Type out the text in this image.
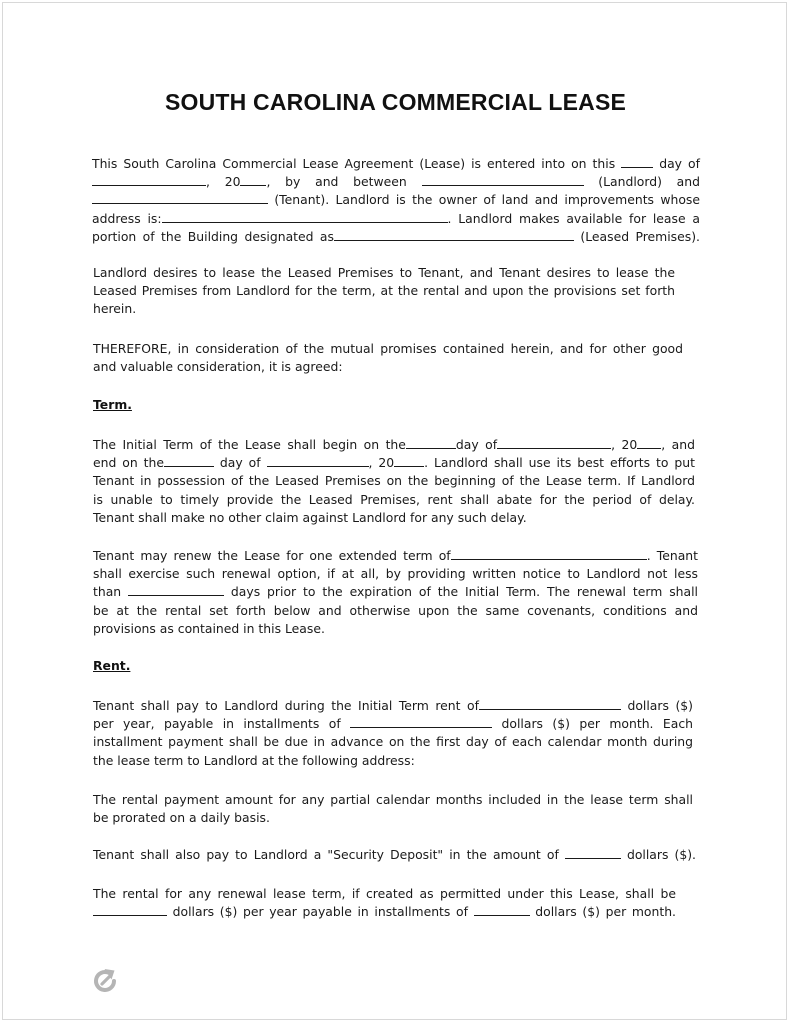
SOUTH CAROLINA COMMERCIAL LEASE
This South Carolina Commercial Lease Agreement (Lease) is entered into on this	day of
, 20 , by and between	(Landlord) and
(Tenant). Landlord is the owner of land and improvements whose
address is:	. Landlord makes available for lease a
portion of the Building designated as	(Leased Premises).
Landlord desires to lease the Leased Premises to Tenant, and Tenant desires to lease the
Leased Premises from Landlord for the term, at the rental and upon the provisions set forth
herein.
THEREFORE, in consideration of the mutual promises contained herein, and for other good
and valuable consideration, it is agreed:
Term.
The Initial Term of the Lease shall begin on the	day of	, 20 , and
end on the	day of	, 20 . Landlord shall use its best efforts to put
Tenant in possession of the Leased Premises on the beginning of the Lease term. If Landlord
is unable to timely provide the Leased Premises, rent shall abate for the period of delay.
Tenant shall make no other claim against Landlord for any such delay.
Tenant may renew the Lease for one extended term of	. Tenant
shall exercise such renewal option, if at all, by providing written notice to Landlord not less
than	days prior to the expiration of the Initial Term. The renewal term shall
be at the rental set forth below and otherwise upon the same covenants, conditions and
provisions as contained in this Lease.
Rent.
Tenant shall pay to Landlord during the Initial Term rent of	dollars ($)
per year, payable in installments of	dollars ($) per month. Each
installment payment shall be due in advance on the first day of each calendar month during
the lease term to Landlord at the following address:
The rental payment amount for any partial calendar months included in the lease term shall
be prorated on a daily basis.
Tenant shall also pay to Landlord a "Security Deposit" in the amount of	dollars ($).
The rental for any renewal lease term, if created as permitted under this Lease, shall be
dollars ($) per year payable in installments of	dollars ($) per month.
